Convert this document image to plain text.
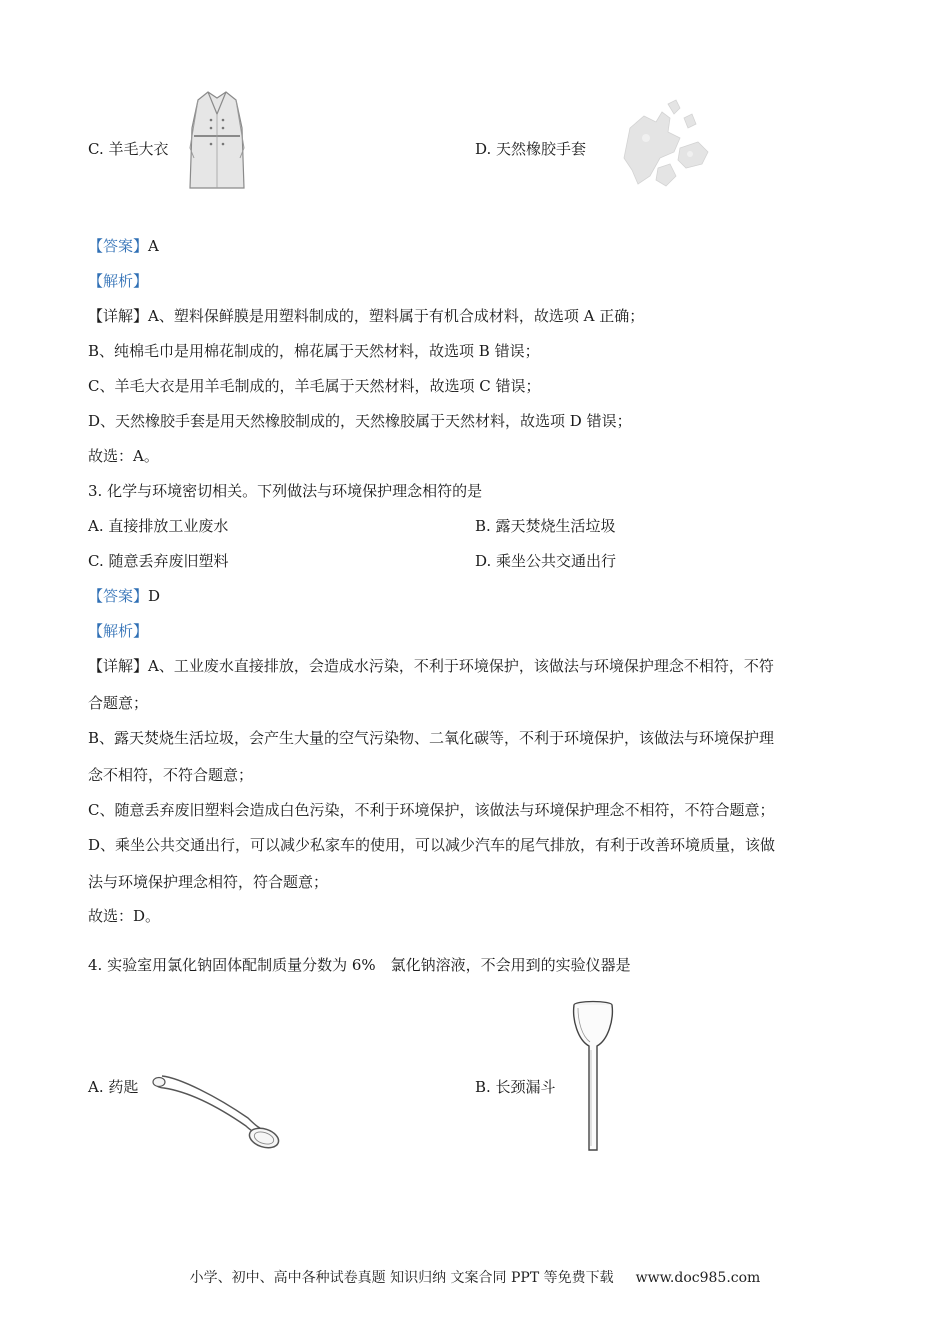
C. 羊毛大衣	D. 天然橡胶手套
【答案】A
【解析】
【详解】A、塑料保鲜膜是用塑料制成的，塑料属于有机合成材料，故选项 A 正确；
B、纯棉毛巾是用棉花制成的，棉花属于天然材料，故选项 B 错误；
C、羊毛大衣是用羊毛制成的，羊毛属于天然材料，故选项 C 错误；
D、天然橡胶手套是用天然橡胶制成的，天然橡胶属于天然材料，故选项 D 错误；
故选：A。
3. 化学与环境密切相关。下列做法与环境保护理念相符的是
A. 直接排放工业废水	B. 露天焚烧生活垃圾
C. 随意丢弃废旧塑料	D. 乘坐公共交通出行
【答案】D
【解析】
【详解】A、工业废水直接排放，会造成水污染，不利于环境保护，该做法与环境保护理念不相符，不符
合题意；
B、露天焚烧生活垃圾，会产生大量的空气污染物、二氧化碳等，不利于环境保护，该做法与环境保护理
念不相符，不符合题意；
C、随意丢弃废旧塑料会造成白色污染，不利于环境保护，该做法与环境保护理念不相符，不符合题意；
D、乘坐公共交通出行，可以减少私家车的使用，可以减少汽车的尾气排放，有利于改善环境质量，该做
法与环境保护理念相符，符合题意；
故选：D。
4. 实验室用氯化钠固体配制质量分数为 6%　氯化钠溶液，不会用到的实验仪器是
A. 药匙	B. 长颈漏斗
小学、初中、高中各种试卷真题 知识归纳 文案合同 PPT 等免费下载 www.doc985.com
